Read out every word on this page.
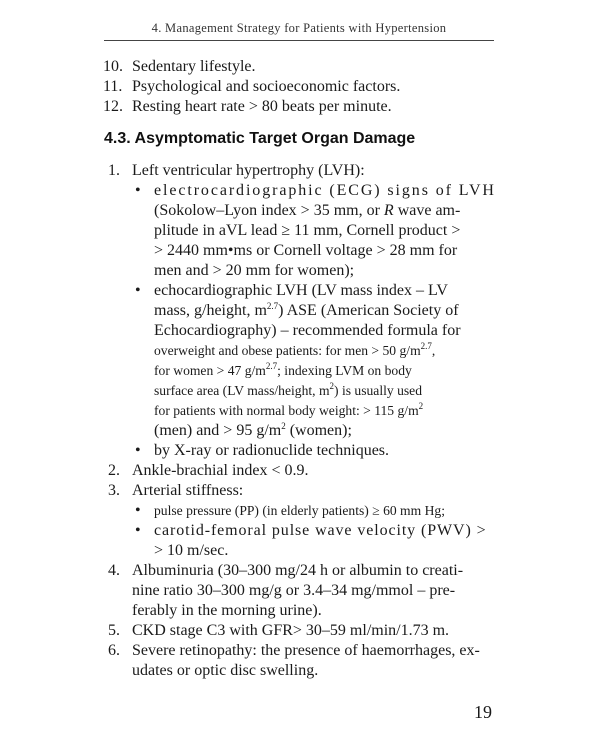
4. Management Strategy for Patients with Hypertension
10. Sedentary lifestyle.
11. Psychological and socioeconomic factors.
12. Resting heart rate > 80 beats per minute.
4.3. Asymptomatic Target Organ Damage
1. Left ventricular hypertrophy (LVH):
• electrocardiographic (ECG) signs of LVH
(Sokolow–Lyon index > 35 mm, or R wave am-
plitude in aVL lead ≥ 11 mm, Cornell product >
> 2440 mm•ms or Cornell voltage > 28 mm for
men and > 20 mm for women);
• echocardiographic LVH (LV mass index – LV
mass, g/height, $m^{2.7}$) ASE (American Society of
Echocardiography) – recommended formula for
overweight and obese patients: for men > 50 $g/m^{2.7}$,
for women > 47 $g/m^{2.7}$; indexing LVM on body
surface area (LV mass/height, $m^2$) is usually used
for patients with normal body weight: > 115 $g/m^2$
(men) and > 95 $g/m^2$ (women);
• by X-ray or radionuclide techniques.
2. Ankle-brachial index < 0.9.
3. Arterial stiffness:
• pulse pressure (PP) (in elderly patients) ≥ 60 mm Hg;
• carotid-femoral pulse wave velocity (PWV) >
> 10 m/sec.
4. Albuminuria (30–300 mg/24 h or albumin to creati-
nine ratio 30–300 mg/g or 3.4–34 mg/mmol – pre-
ferably in the morning urine).
5. CKD stage C3 with GFR> 30–59 ml/min/1.73 m.
6. Severe retinopathy: the presence of haemorrhages, ex-
udates or optic disc swelling.
19
